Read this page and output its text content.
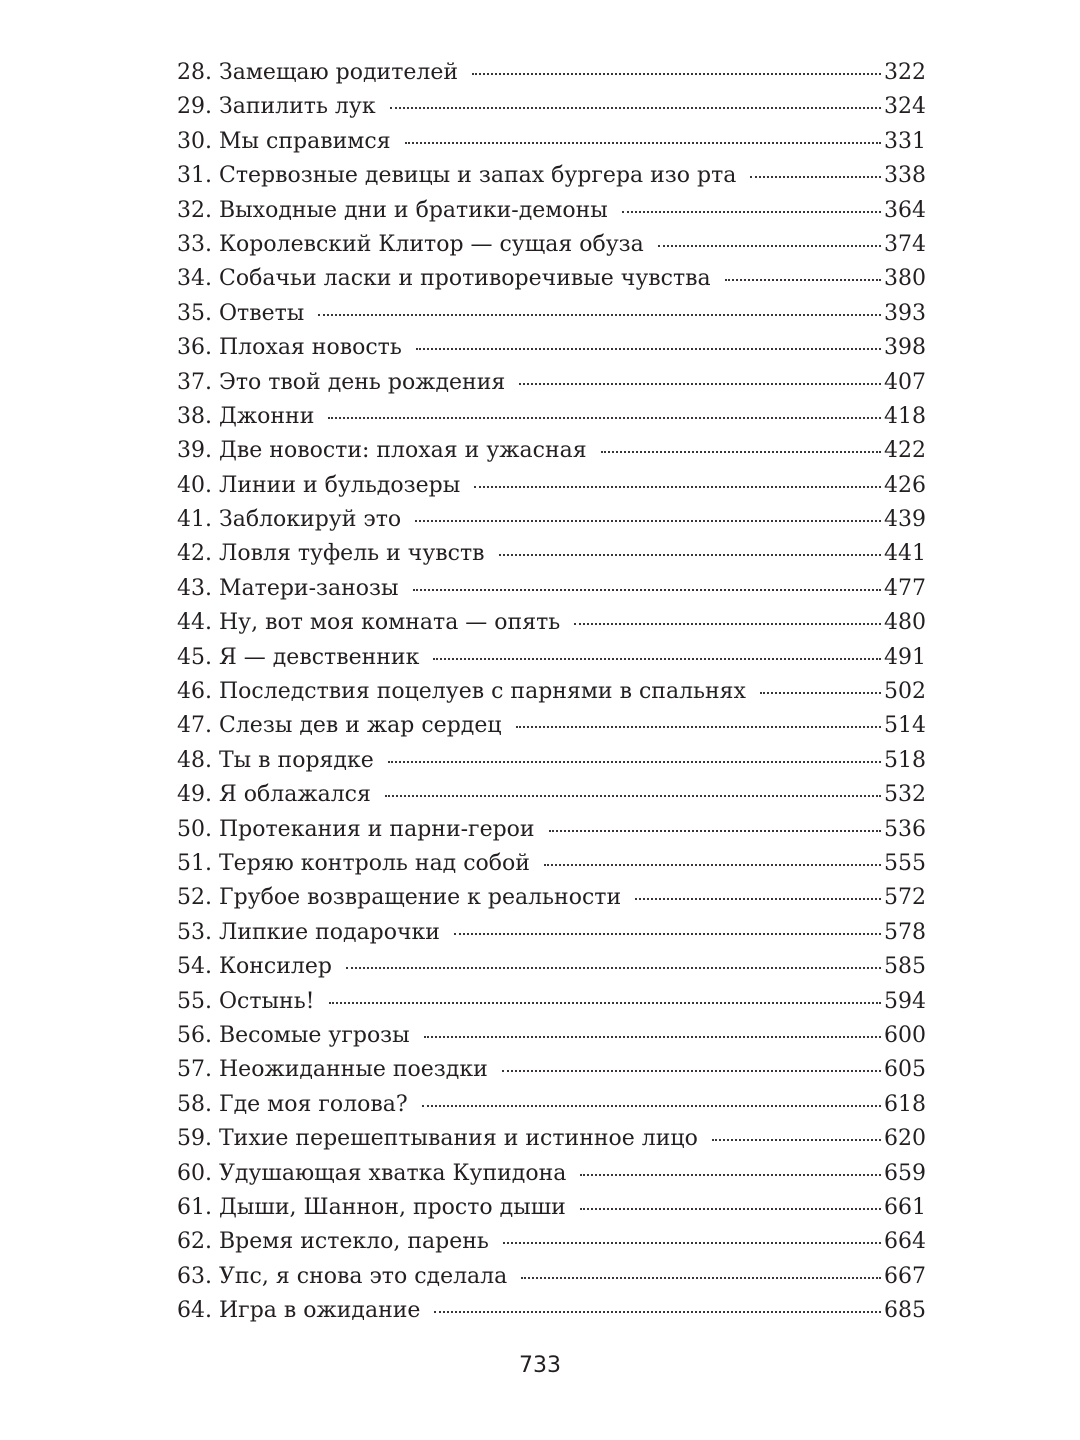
28. Замещаю родителей	322
29. Запилить лук	324
30. Мы справимся	331
31. Стервозные девицы и запах бургера изо рта	338
32. Выходные дни и братики-демоны	364
33. Королевский Клитор — сущая обуза	374
34. Собачьи ласки и противоречивые чувства	380
35. Ответы	393
36. Плохая новость	398
37. Это твой день рождения	407
38. Джонни	418
39. Две новости: плохая и ужасная	422
40. Линии и бульдозеры	426
41. Заблокируй это	439
42. Ловля туфель и чувств	441
43. Матери-занозы	477
44. Ну, вот моя комната — опять	480
45. Я — девственник	491
46. Последствия поцелуев с парнями в спальнях	502
47. Слезы дев и жар сердец	514
48. Ты в порядке	518
49. Я облажался	532
50. Протекания и парни-герои	536
51. Теряю контроль над собой	555
52. Грубое возвращение к реальности	572
53. Липкие подарочки	578
54. Консилер	585
55. Остынь!	594
56. Весомые угрозы	600
57. Неожиданные поездки	605
58. Где моя голова?	618
59. Тихие перешептывания и истинное лицо	620
60. Удушающая хватка Купидона	659
61. Дыши, Шаннон, просто дыши	661
62. Время истекло, парень	664
63. Упс, я снова это сделала	667
64. Игра в ожидание	685
733
